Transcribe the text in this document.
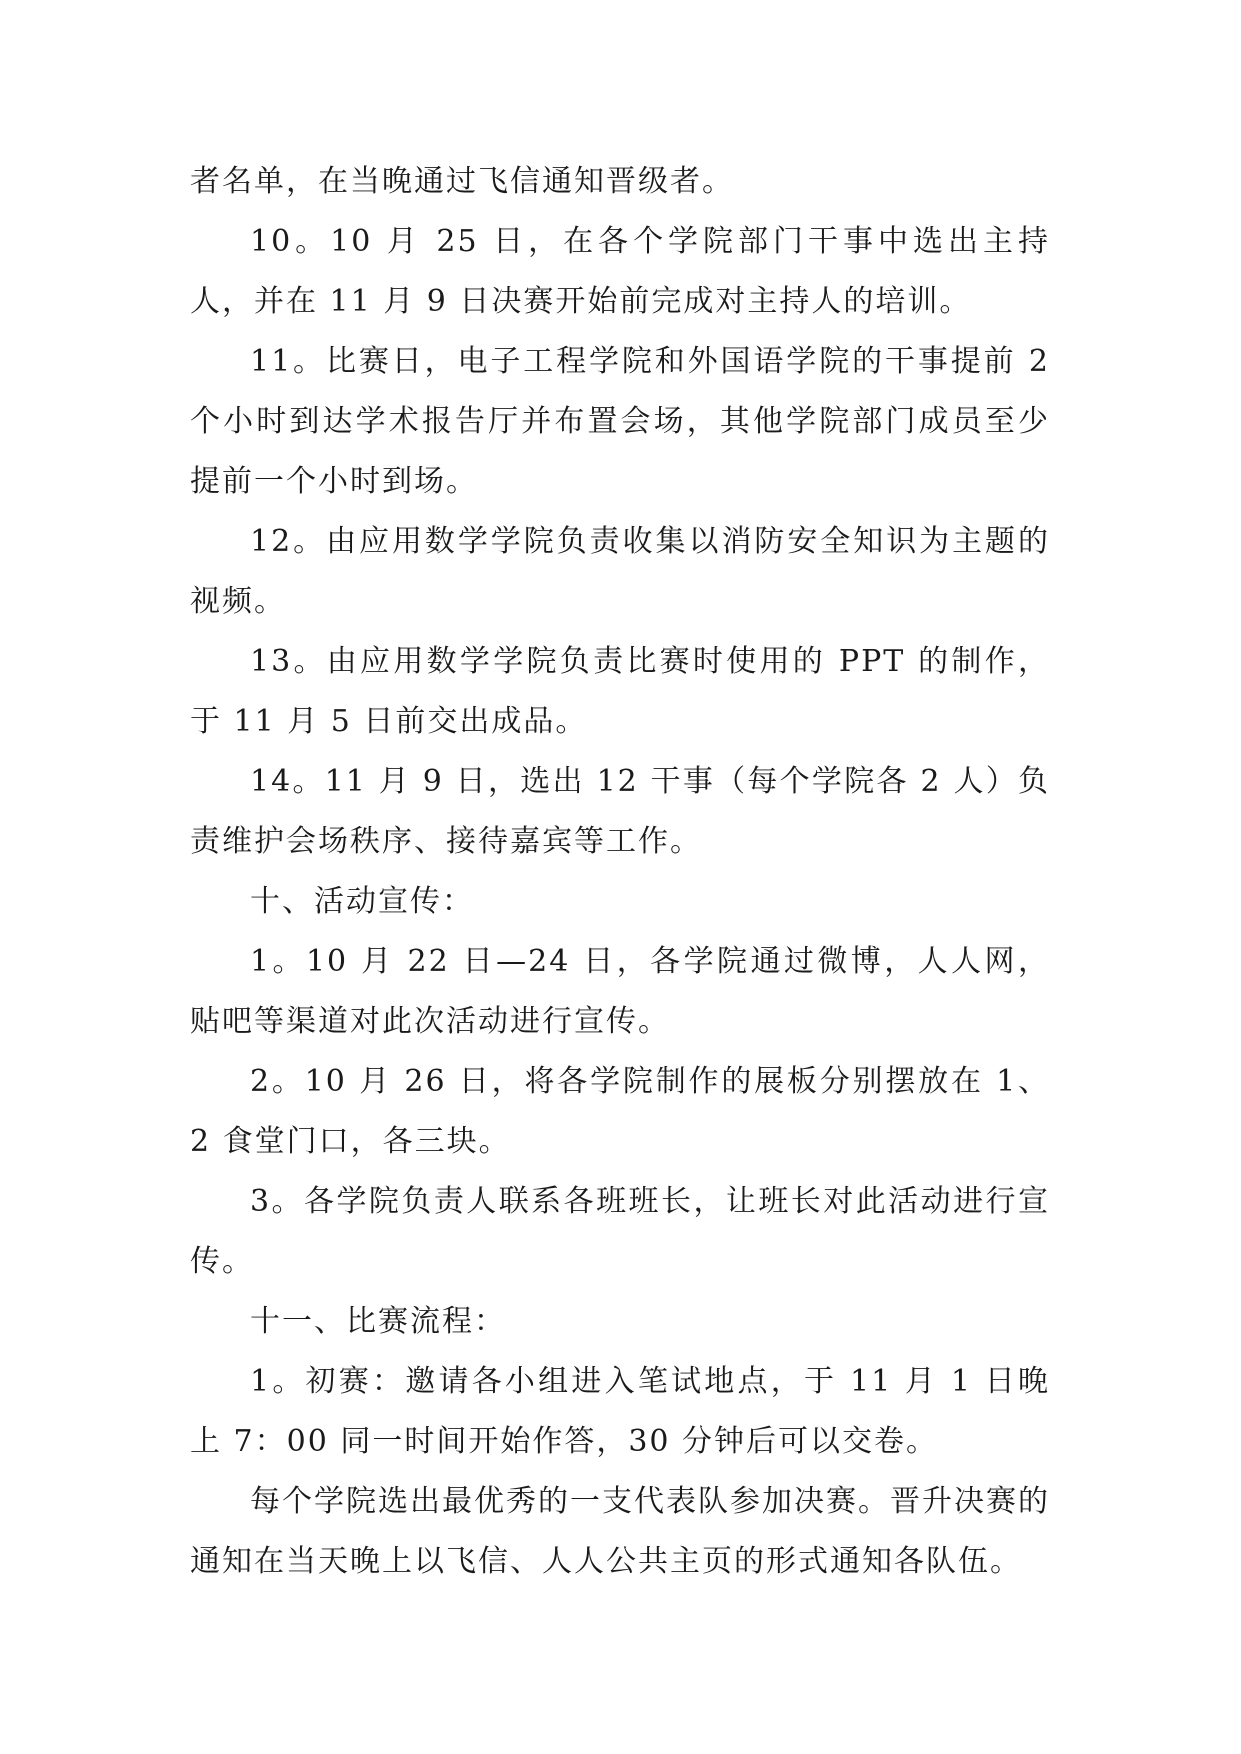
者名单，在当晚通过飞信通知晋级者。

10。10 月 25 日，在各个学院部门干事中选出主持人，并在 11 月 9 日决赛开始前完成对主持人的培训。

11。比赛日，电子工程学院和外国语学院的干事提前 2 个小时到达学术报告厅并布置会场，其他学院部门成员至少提前一个小时到场。

12。由应用数学学院负责收集以消防安全知识为主题的视频。

13。由应用数学学院负责比赛时使用的 PPT 的制作，于 11 月 5 日前交出成品。

14。11 月 9 日，选出 12 干事（每个学院各 2 人）负责维护会场秩序、接待嘉宾等工作。

十、活动宣传：

1。10 月 22 日—24 日，各学院通过微博，人人网，贴吧等渠道对此次活动进行宣传。

2。10 月 26 日，将各学院制作的展板分别摆放在 1、2 食堂门口，各三块。

3。各学院负责人联系各班班长，让班长对此活动进行宣传。

十一、比赛流程：

1。初赛：邀请各小组进入笔试地点，于 11 月 1 日晚上 7：00 同一时间开始作答，30 分钟后可以交卷。

每个学院选出最优秀的一支代表队参加决赛。晋升决赛的通知在当天晚上以飞信、人人公共主页的形式通知各队伍。
